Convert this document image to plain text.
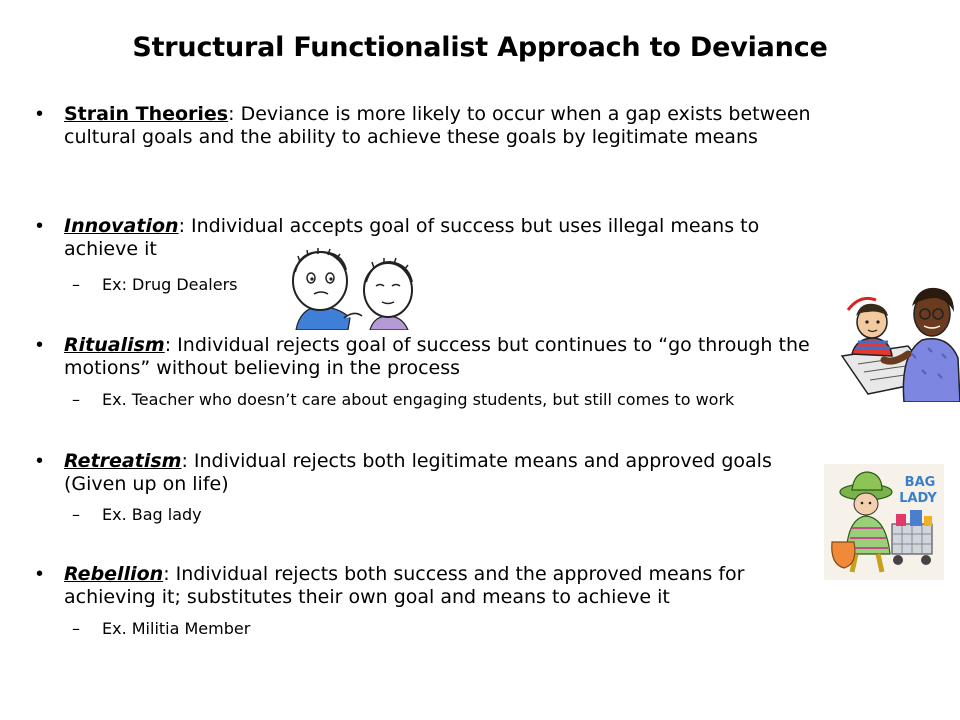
Structural Functionalist Approach to Deviance
• Strain Theories: Deviance is more likely to occur when a gap exists between cultural goals and the ability to achieve these goals by legitimate means
• Innovation: Individual accepts goal of success but uses illegal means to achieve it
– Ex: Drug Dealers
• Ritualism: Individual rejects goal of success but continues to “go through the motions” without believing in the process
– Ex. Teacher who doesn’t care about engaging students, but still comes to work
• Retreatism: Individual rejects both legitimate means and approved goals (Given up on life)
– Ex. Bag lady
• Rebellion: Individual rejects both success and the approved means for achieving it; substitutes their own goal and means to achieve it
– Ex. Militia Member
BAG
LADY
